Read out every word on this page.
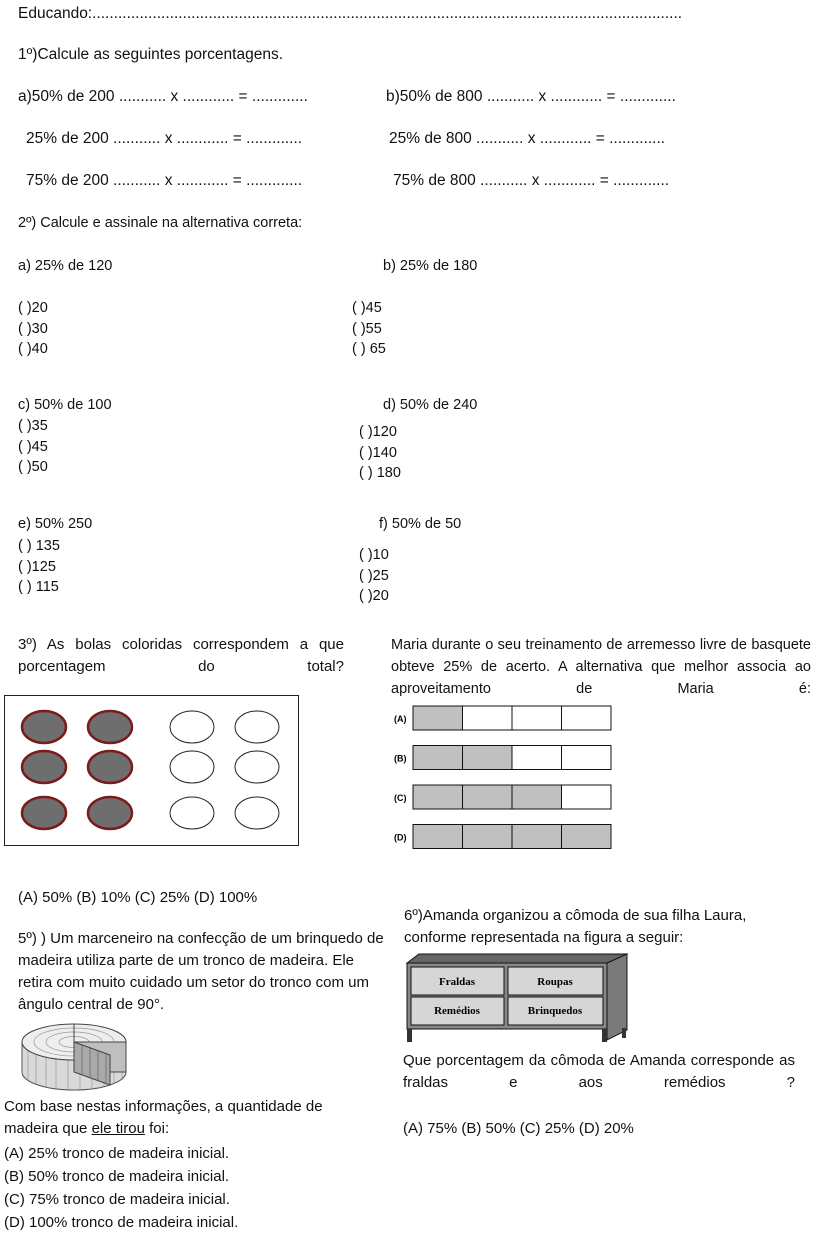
Educando:.........................................................................................................................................
1º)Calcule as seguintes porcentagens.
a)50% de 200 ........... x ............ = .............
25% de 200 ........... x ............ = .............
75% de 200 ........... x ............ = .............
b)50% de 800 ........... x ............ = .............
25% de 800 ........... x ............ = .............
75% de 800 ........... x ............ = .............
2º) Calcule e assinale na alternativa correta:
a) 25% de 120
( )20
( )30
( )40
b) 25% de 180
( )45
( )55
( ) 65
c) 50% de 100
( )35
( )45
( )50
d) 50% de 240
( )120
( )140
( ) 180
e) 50% 250
( ) 135
( )125
( ) 115
f) 50% de 50
( )10
( )25
( )20
3º) As bolas coloridas correspondem a que porcentagem do total?
(A) 50% (B) 10% (C) 25% (D) 100%
Maria durante o seu treinamento de arremesso livre de basquete obteve 25% de acerto. A alternativa que melhor associa ao aproveitamento de Maria é:
(A)
(B)
(C)
(D)
5º) ) Um marceneiro na confecção de um brinquedo de madeira utiliza parte de um tronco de madeira. Ele retira com muito cuidado um setor do tronco com um ângulo central de 90°.
Com base nestas informações, a quantidade de madeira que ele tirou foi:
(A) 25% tronco de madeira inicial.
(B) 50% tronco de madeira inicial.
(C) 75% tronco de madeira inicial.
(D) 100% tronco de madeira inicial.
6º)Amanda organizou a cômoda de sua filha Laura, conforme representada na figura a seguir:
Fraldas	Roupas
Remédios	Brinquedos
Que porcentagem da cômoda de Amanda corresponde as fraldas e aos remédios ?
(A) 75% (B) 50% (C) 25% (D) 20%
